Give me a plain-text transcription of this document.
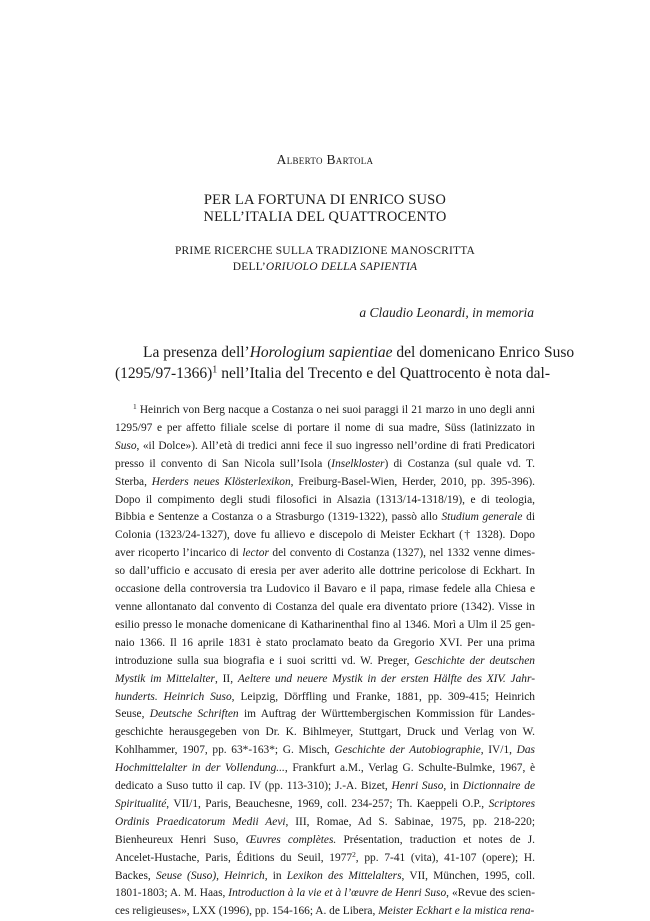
Alberto Bartola
PER LA FORTUNA DI ENRICO SUSO
NELL’ITALIA DEL QUATTROCENTO
PRIME RICERCHE SULLA TRADIZIONE MANOSCRITTA
DELL’ORIUOLO DELLA SAPIENTIA
a Claudio Leonardi, in memoria
La presenza dell’Horologium sapientiae del domenicano Enrico Suso
$(1295/97-1366)^1$ nell’Italia del Trecento e del Quattrocento è nota dal-
$^1$ Heinrich von Berg nacque a Costanza o nei suoi paraggi il 21 marzo in uno degli anni
1295/97 e per affetto filiale scelse di portare il nome di sua madre, Süss (latinizzato in
Suso, «il Dolce»). All’età di tredici anni fece il suo ingresso nell’ordine di frati Predicatori
presso il convento di San Nicola sull’Isola (Inselkloster) di Costanza (sul quale vd. T.
Sterba, Herders neues Klösterlexikon, Freiburg-Basel-Wien, Herder, 2010, pp. 395-396).
Dopo il compimento degli studi filosofici in Alsazia (1313/14-1318/19), e di teologia,
Bibbia e Sentenze a Costanza o a Strasburgo (1319-1322), passò allo Studium generale di
Colonia (1323/24-1327), dove fu allievo e discepolo di Meister Eckhart († 1328). Dopo
aver ricoperto l’incarico di lector del convento di Costanza (1327), nel 1332 venne dimes-
so dall’ufficio e accusato di eresia per aver aderito alle dottrine pericolose di Eckhart. In
occasione della controversia tra Ludovico il Bavaro e il papa, rimase fedele alla Chiesa e
venne allontanato dal convento di Costanza del quale era diventato priore (1342). Visse in
esilio presso le monache domenicane di Katharinenthal fino al 1346. Morì a Ulm il 25 gen-
naio 1366. Il 16 aprile 1831 è stato proclamato beato da Gregorio XVI. Per una prima
introduzione sulla sua biografia e i suoi scritti vd. W. Preger, Geschichte der deutschen
Mystik im Mittelalter, II, Aeltere und neuere Mystik in der ersten Hälfte des XIV. Jahr-
hunderts. Heinrich Suso, Leipzig, Dörffling und Franke, 1881, pp. 309-415; Heinrich
Seuse, Deutsche Schriften im Auftrag der Württembergischen Kommission für Landes-
geschichte herausgegeben von Dr. K. Bihlmeyer, Stuttgart, Druck und Verlag von W.
Kohlhammer, 1907, pp. 63*-163*; G. Misch, Geschichte der Autobiographie, IV/1, Das
Hochmittelalter in der Vollendung..., Frankfurt a.M., Verlag G. Schulte-Bulmke, 1967, è
dedicato a Suso tutto il cap. IV (pp. 113-310); J.-A. Bizet, Henri Suso, in Dictionnaire de
Spiritualité, VII/1, Paris, Beauchesne, 1969, coll. 234-257; Th. Kaeppeli O.P., Scriptores
Ordinis Praedicatorum Medii Aevi, III, Romae, Ad S. Sabinae, 1975, pp. 218-220;
Bienheureux Henri Suso, Œuvres complètes. Présentation, traduction et notes de J.
Ancelet-Hustache, Paris, Éditions du Seuil, 1977$^2$, pp. 7-41 (vita), 41-107 (opere); H.
Backes, Seuse (Suso), Heinrich, in Lexikon des Mittelalters, VII, München, 1995, coll.
1801-1803; A. M. Haas, Introduction à la vie et à l’œuvre de Henri Suso, «Revue des scien-
ces religieuses», LXX (1996), pp. 154-166; A. de Libera, Meister Eckhart e la mistica rena-
